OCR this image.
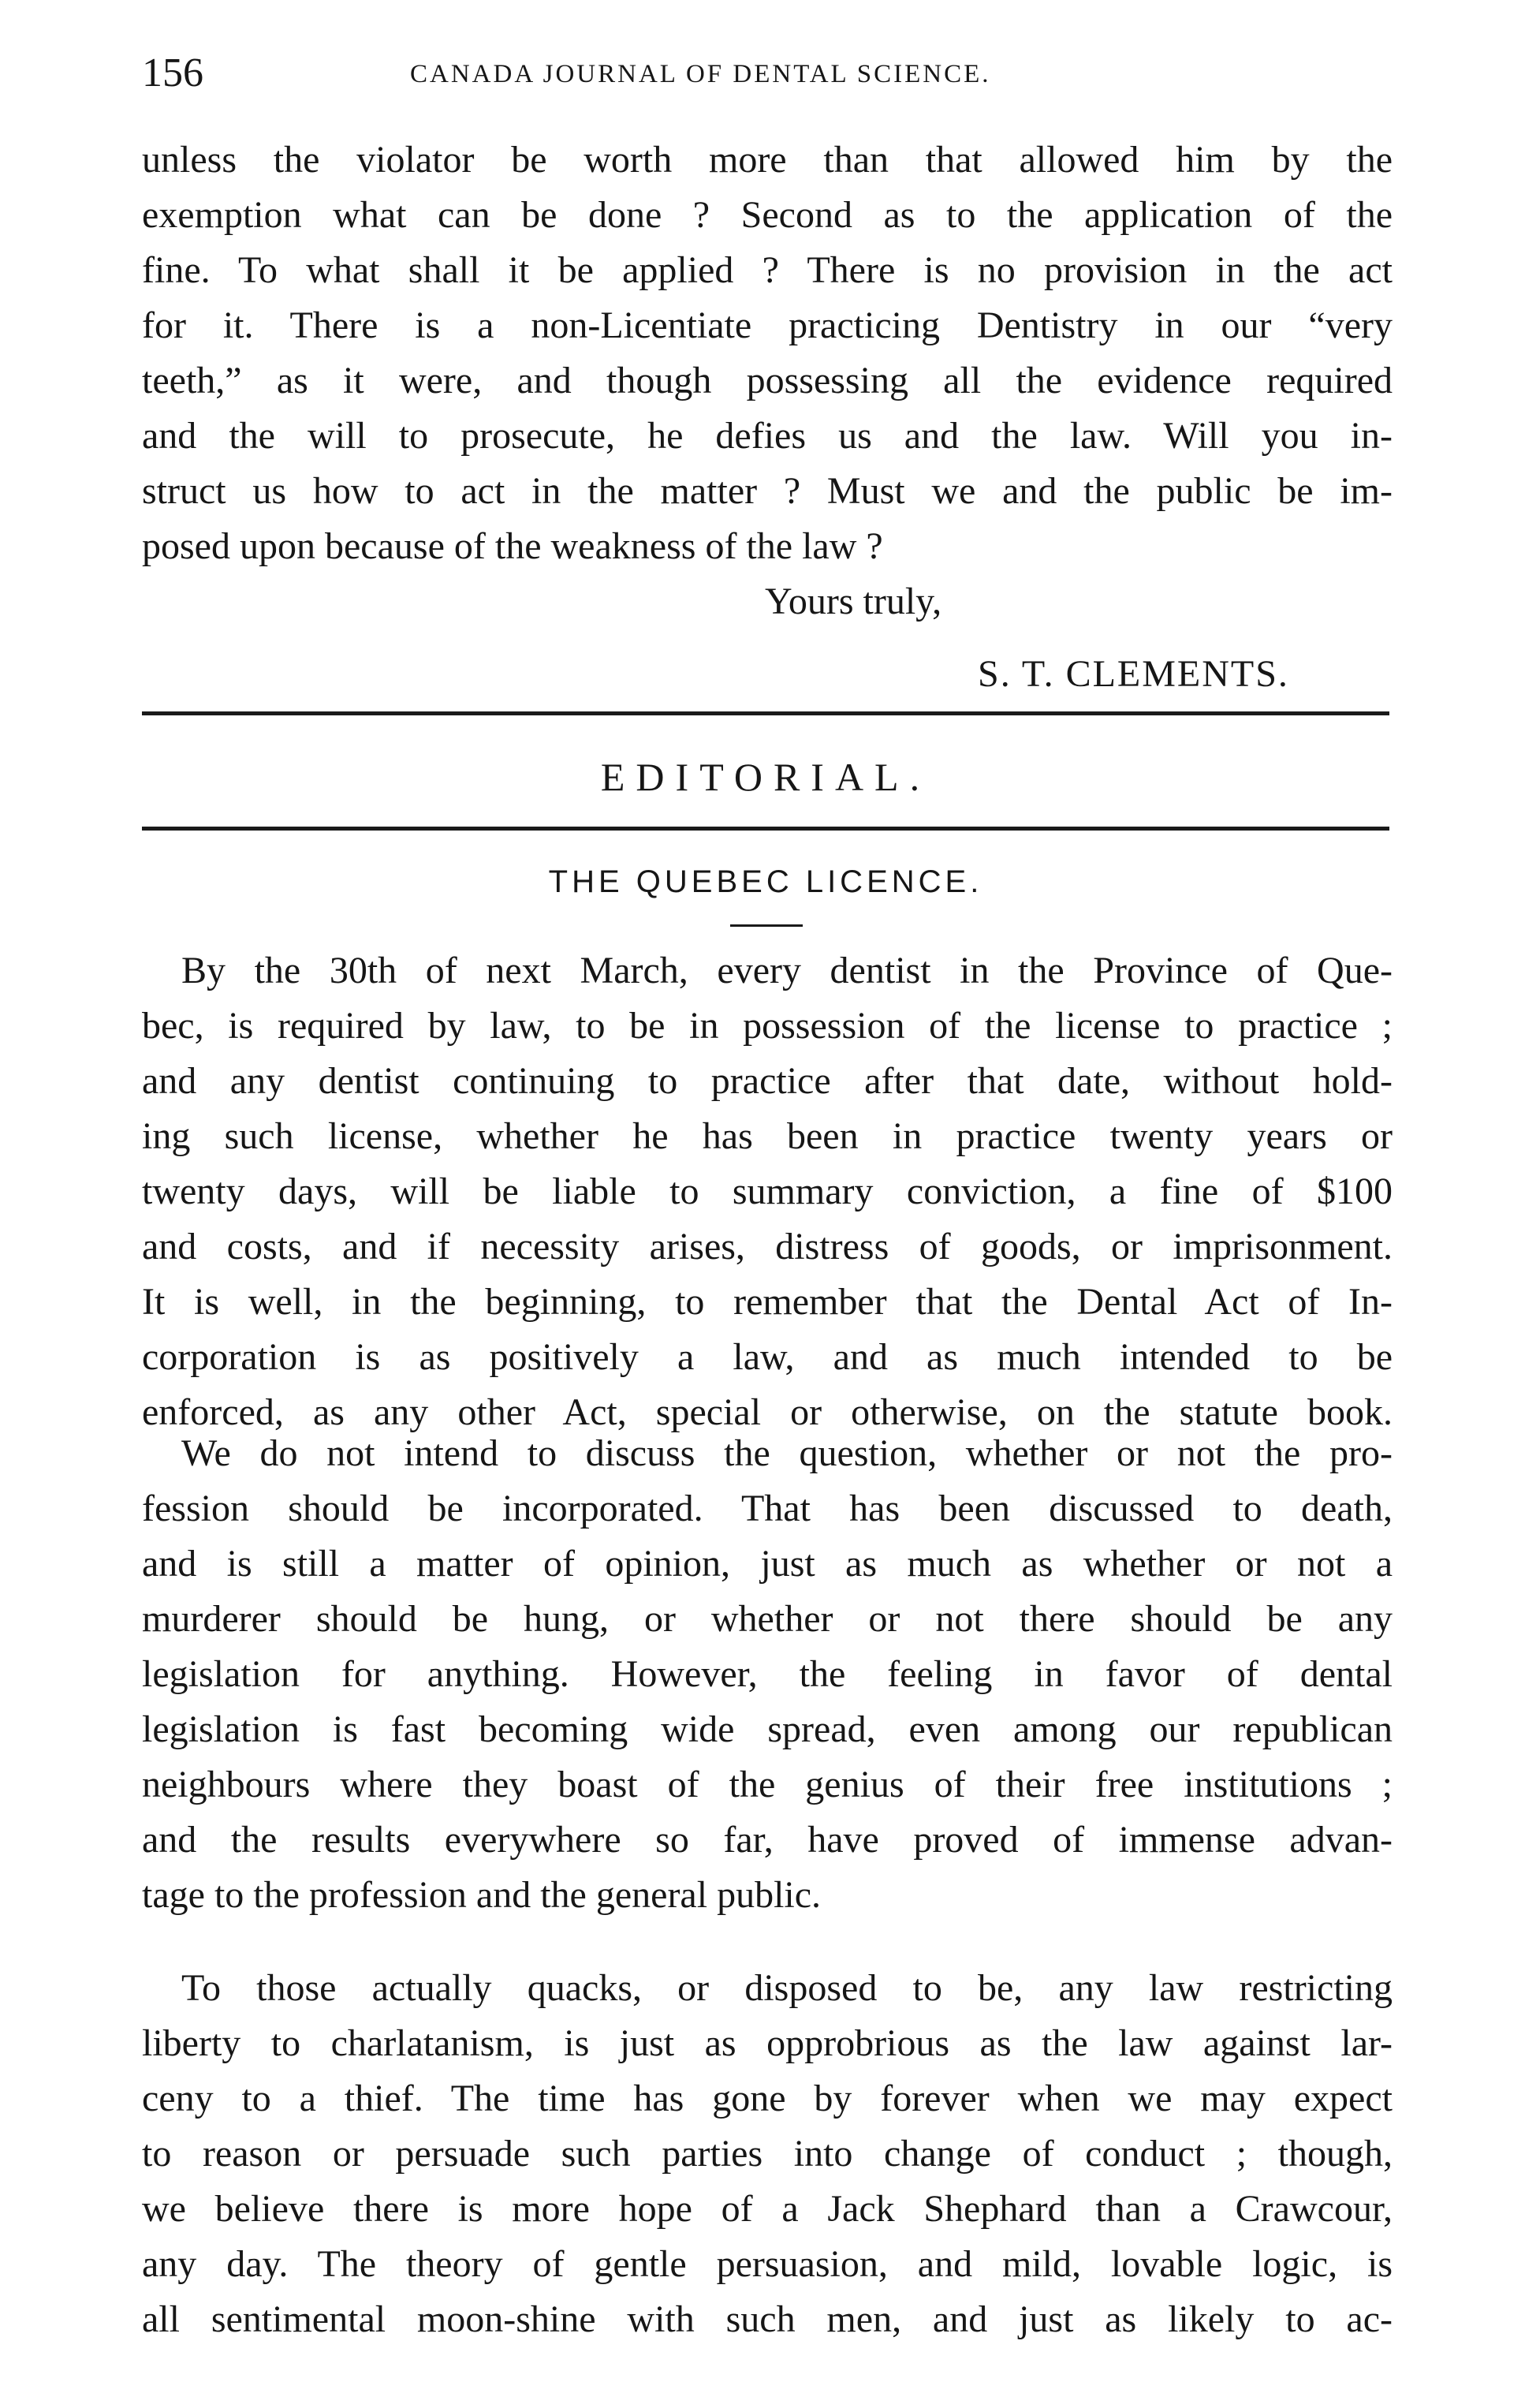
156	CANADA JOURNAL OF DENTAL SCIENCE.
unless the violator be worth more than that allowed him by the
exemption what can be done ? Second as to the application of the
fine. To what shall it be applied ? There is no provision in the act
for it. There is a non-Licentiate practicing Dentistry in our “very
teeth,” as it were, and though possessing all the evidence required
and the will to prosecute, he defies us and the law. Will you in-
struct us how to act in the matter ? Must we and the public be im-
posed upon because of the weakness of the law ?
Yours truly,
S. T. CLEMENTS.
EDITORIAL.
THE QUEBEC LICENCE.
By the 30th of next March, every dentist in the Province of Que-
bec, is required by law, to be in possession of the license to practice ;
and any dentist continuing to practice after that date, without hold-
ing such license, whether he has been in practice twenty years or
twenty days, will be liable to summary conviction, a fine of $100
and costs, and if necessity arises, distress of goods, or imprisonment.
It is well, in the beginning, to remember that the Dental Act of In-
corporation is as positively a law, and as much intended to be
enforced, as any other Act, special or otherwise, on the statute book.
We do not intend to discuss the question, whether or not the pro-
fession should be incorporated. That has been discussed to death,
and is still a matter of opinion, just as much as whether or not a
murderer should be hung, or whether or not there should be any
legislation for anything. However, the feeling in favor of dental
legislation is fast becoming wide spread, even among our republican
neighbours where they boast of the genius of their free institutions ;
and the results everywhere so far, have proved of immense advan-
tage to the profession and the general public.
To those actually quacks, or disposed to be, any law restricting
liberty to charlatanism, is just as opprobrious as the law against lar-
ceny to a thief. The time has gone by forever when we may expect
to reason or persuade such parties into change of conduct ; though,
we believe there is more hope of a Jack Shephard than a Crawcour,
any day. The theory of gentle persuasion, and mild, lovable logic, is
all sentimental moon-shine with such men, and just as likely to ac-
